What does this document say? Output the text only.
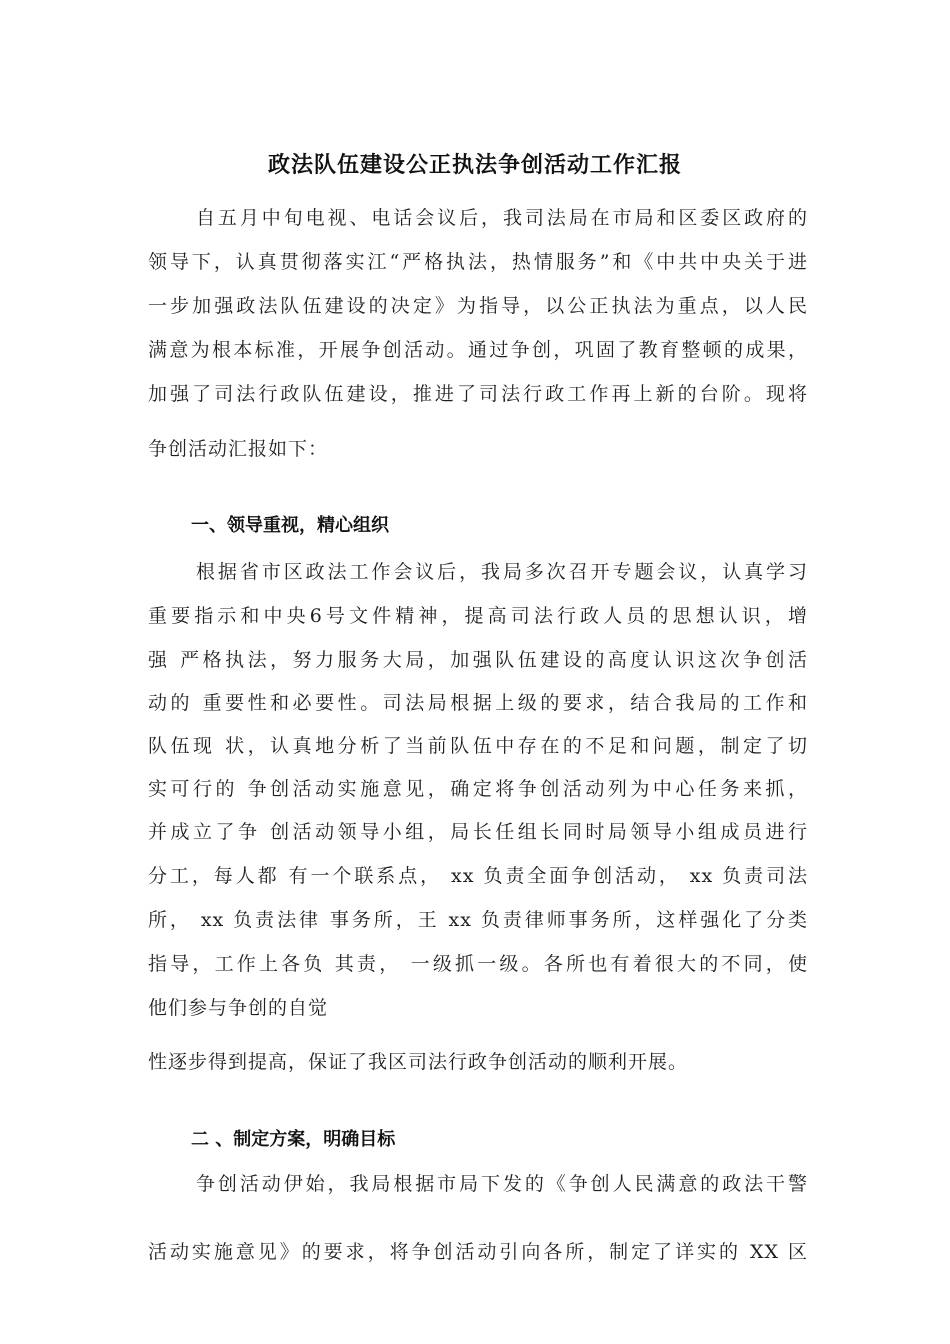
政法队伍建设公正执法争创活动工作汇报
自五月中旬电视、电话会议后，我司法局在市局和区委区政府的
领导下，认真贯彻落实江“严格执法，热情服务”和《中共中央关于进
一步加强政法队伍建设的决定》为指导，以公正执法为重点，以人民
满意为根本标准，开展争创活动。通过争创，巩固了教育整顿的成果，
加强了司法行政队伍建设，推进了司法行政工作再上新的台阶。现将
争创活动汇报如下：
一、领导重视，精心组织
根据省市区政法工作会议后，我局多次召开专题会议，认真学习
重要指示和中央6号文件精神，提高司法行政人员的思想认识，增
强 严格执法，努力服务大局，加强队伍建设的高度认识这次争创活
动的 重要性和必要性。司法局根据上级的要求，结合我局的工作和
队伍现 状，认真地分析了当前队伍中存在的不足和问题，制定了切
实可行的 争创活动实施意见，确定将争创活动列为中心任务来抓，
并成立了争 创活动领导小组，局长任组长同时局领导小组成员进行
分工，每人都 有一个联系点， xx 负责全面争创活动， xx 负责司法
所， xx 负责法律 事务所，王 xx 负责律师事务所，这样强化了分类
指导，工作上各负 其责， 一级抓一级。各所也有着很大的不同，使
他们参与争创的自觉
性逐步得到提高，保证了我区司法行政争创活动的顺利开展。
二 、制定方案，明确目标
争创活动伊始，我局根据市局下发的《争创人民满意的政法干警
活动实施意见》的要求，将争创活动引向各所，制定了详实的 XX 区
